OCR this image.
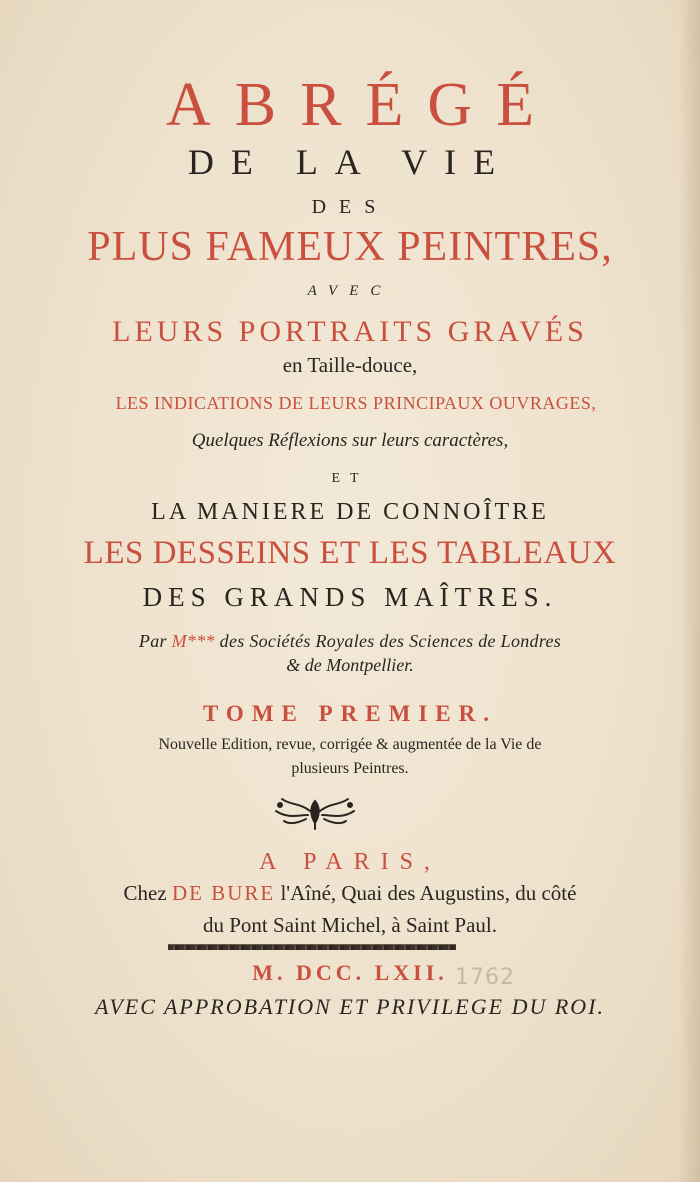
ABRÉGÉ
DE LA VIE
DES
PLUS FAMEUX PEINTRES,
AVEC
LEURS PORTRAITS GRAVÉS
en Taille-douce,
LES INDICATIONS DE LEURS PRINCIPAUX OUVRAGES,
Quelques Réflexions sur leurs caractères,
ET
LA MANIERE DE CONNOÎTRE
LES DESSEINS ET LES TABLEAUX
DES GRANDS MAÎTRES.
Par M*** des Sociétés Royales des Sciences de Londres
& de Montpellier.
TOME PREMIER.
Nouvelle Edition, revue, corrigée & augmentée de la Vie de
plusieurs Peintres.
A PARIS,
Chez DE BURE l'Aîné, Quai des Augustins, du côté
du Pont Saint Michel, à Saint Paul.
M. DCC. LXII. 1762
AVEC APPROBATION ET PRIVILEGE DU ROI.
